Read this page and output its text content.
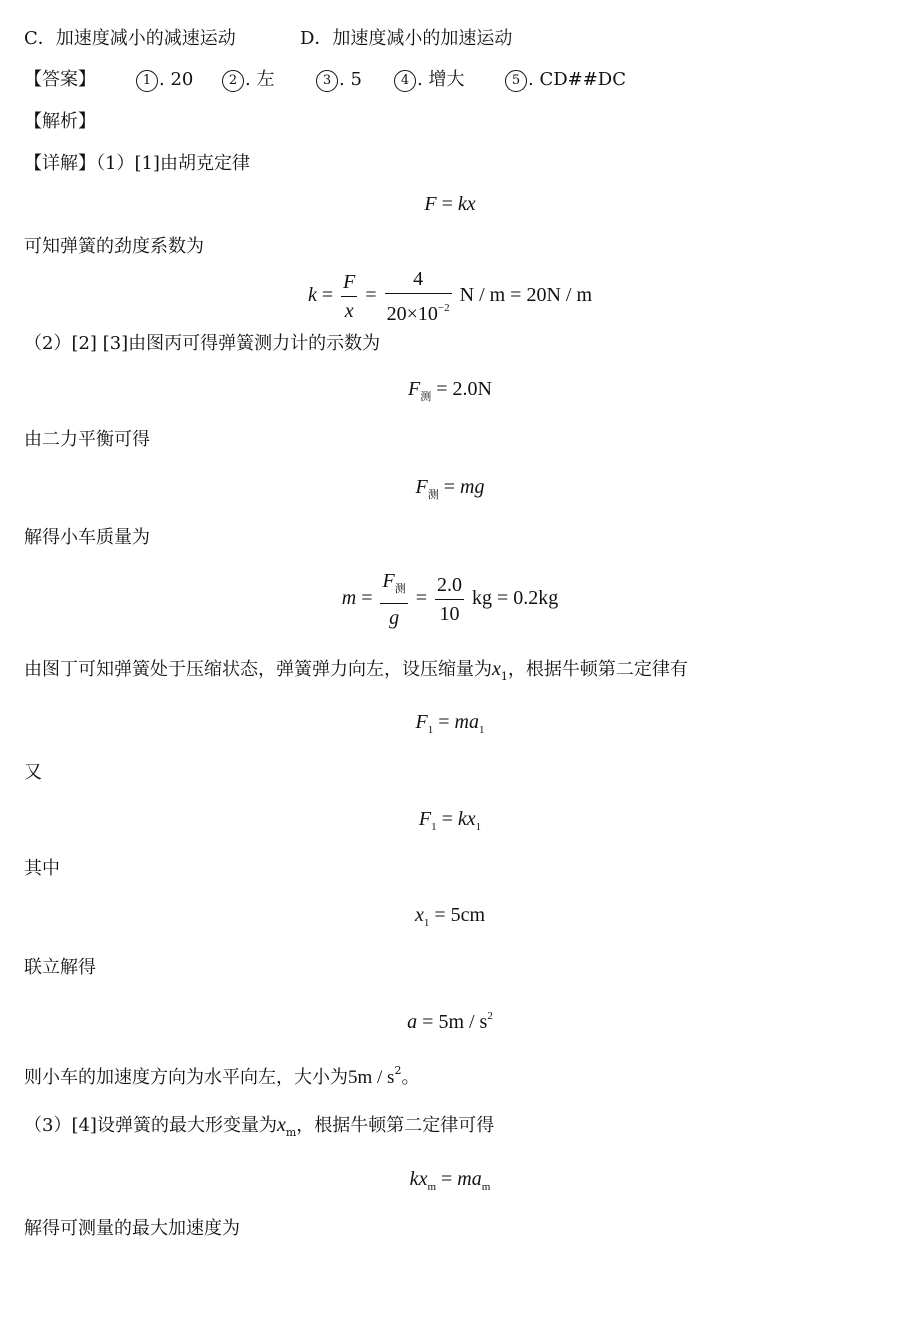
C．加速度减小的减速运动	D．加速度减小的加速运动
【答案】	1 . 20	2 . 左	3 . 5	4 . 增大	5 . CD##DC
【解析】
【详解】（1）[1]由胡克定律
F = kx
可知弹簧的劲度系数为
$k = \frac{F}{x} = \frac{4}{20\times 10^{-2}}$ N / m = 20N / m
（2）[2] [3]由图丙可得弹簧测力计的示数为
$F_测 = 2.0N$
由二力平衡可得
$F_测$ = mg
解得小车质量为
$m = \frac{F_测}{g} = \frac{2.0}{10}$ kg = 0.2kg
由图丁可知弹簧处于压缩状态，弹簧弹力向左，设压缩量为$x_1$，根据牛顿第二定律有
$F_1 = ma_1$
又
$F_1 = kx_1$
其中
$x_1 = 5cm$
联立解得
$a = 5m / s^2$
则小车的加速度方向为水平向左，大小为$5m / s^2$。
（3）[4]设弹簧的最大形变量为$x_m$，根据牛顿第二定律可得
$kx_m = ma_m$
解得可测量的最大加速度为
